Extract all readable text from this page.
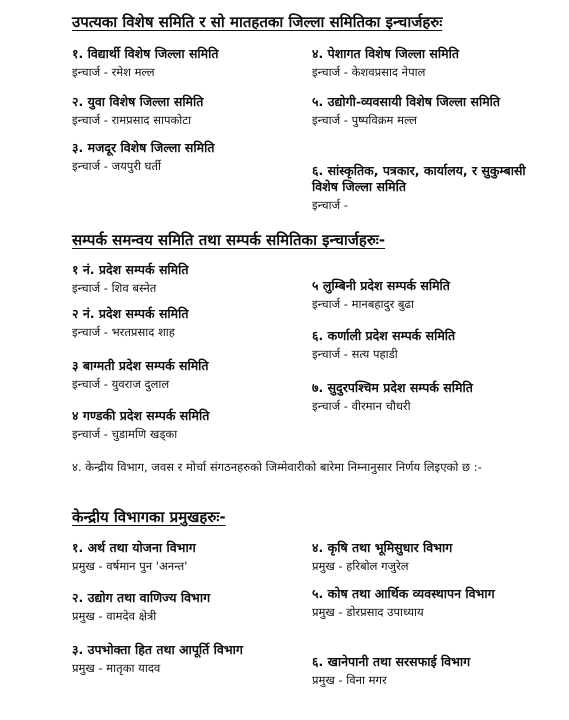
उपत्यका विशेष समिति र सो मातहतका जिल्ला समितिका इन्चार्जहरुः
१. विद्यार्थी विशेष जिल्ला समिति
इन्चार्ज - रमेश मल्ल
२. युवा विशेष जिल्ला समिति
इन्चार्ज - रामप्रसाद सापकोटा
३. मजदूर विशेष जिल्ला समिति
इन्चार्ज - जयपुरी घर्ती
४. पेशागत विशेष जिल्ला समिति
इन्चार्ज - केशवप्रसाद नेपाल
५. उद्योगी-व्यवसायी विशेष जिल्ला समिति
इन्चार्ज - पुष्पविक्रम मल्ल
६. सांस्कृतिक, पत्रकार, कार्यालय, र सुकुम्बासी विशेष जिल्ला समिति
इन्चार्ज -
सम्पर्क समन्वय समिति तथा सम्पर्क समितिका इन्चार्जहरुः-
१ नं. प्रदेश सम्पर्क समिति
इन्चार्ज - शिव बस्नेत
२ नं. प्रदेश सम्पर्क समिति
इन्चार्ज - भरतप्रसाद शाह
३ बाग्मती प्रदेश सम्पर्क समिति
इन्चार्ज - युवराज दुलाल
४ गण्डकी प्रदेश सम्पर्क समिति
इन्चार्ज - चुडामणि खड्का
५ लुम्बिनी प्रदेश सम्पर्क समिति
इन्चार्ज - मानबहादुर बुढा
६. कर्णाली प्रदेश सम्पर्क समिति
इन्चार्ज - सत्य पहाडी
७. सुदुरपश्चिम प्रदेश सम्पर्क समिति
इन्चार्ज - वीरमान चौधरी
४. केन्द्रीय विभाग, जवस र मोर्चा संगठनहरुको जिम्मेवारीको बारेमा निम्नानुसार निर्णय लिइएको छ :-
केन्द्रीय विभागका प्रमुखहरुः-
१. अर्थ तथा योजना विभाग
प्रमुख - वर्षमान पुन 'अनन्त'
२. उद्योग तथा वाणिज्य विभाग
प्रमुख - वामदेव क्षेत्री
३. उपभोक्ता हित तथा आपूर्ति विभाग
प्रमुख - मातृका यादव
४. कृषि तथा भूमिसुधार विभाग
प्रमुख - हरिबोल गजुरेल
५. कोष तथा आर्थिक व्यवस्थापन विभाग
प्रमुख - डोरप्रसाद उपाध्याय
६. खानेपानी तथा सरसफाई विभाग
प्रमुख - विना मगर
